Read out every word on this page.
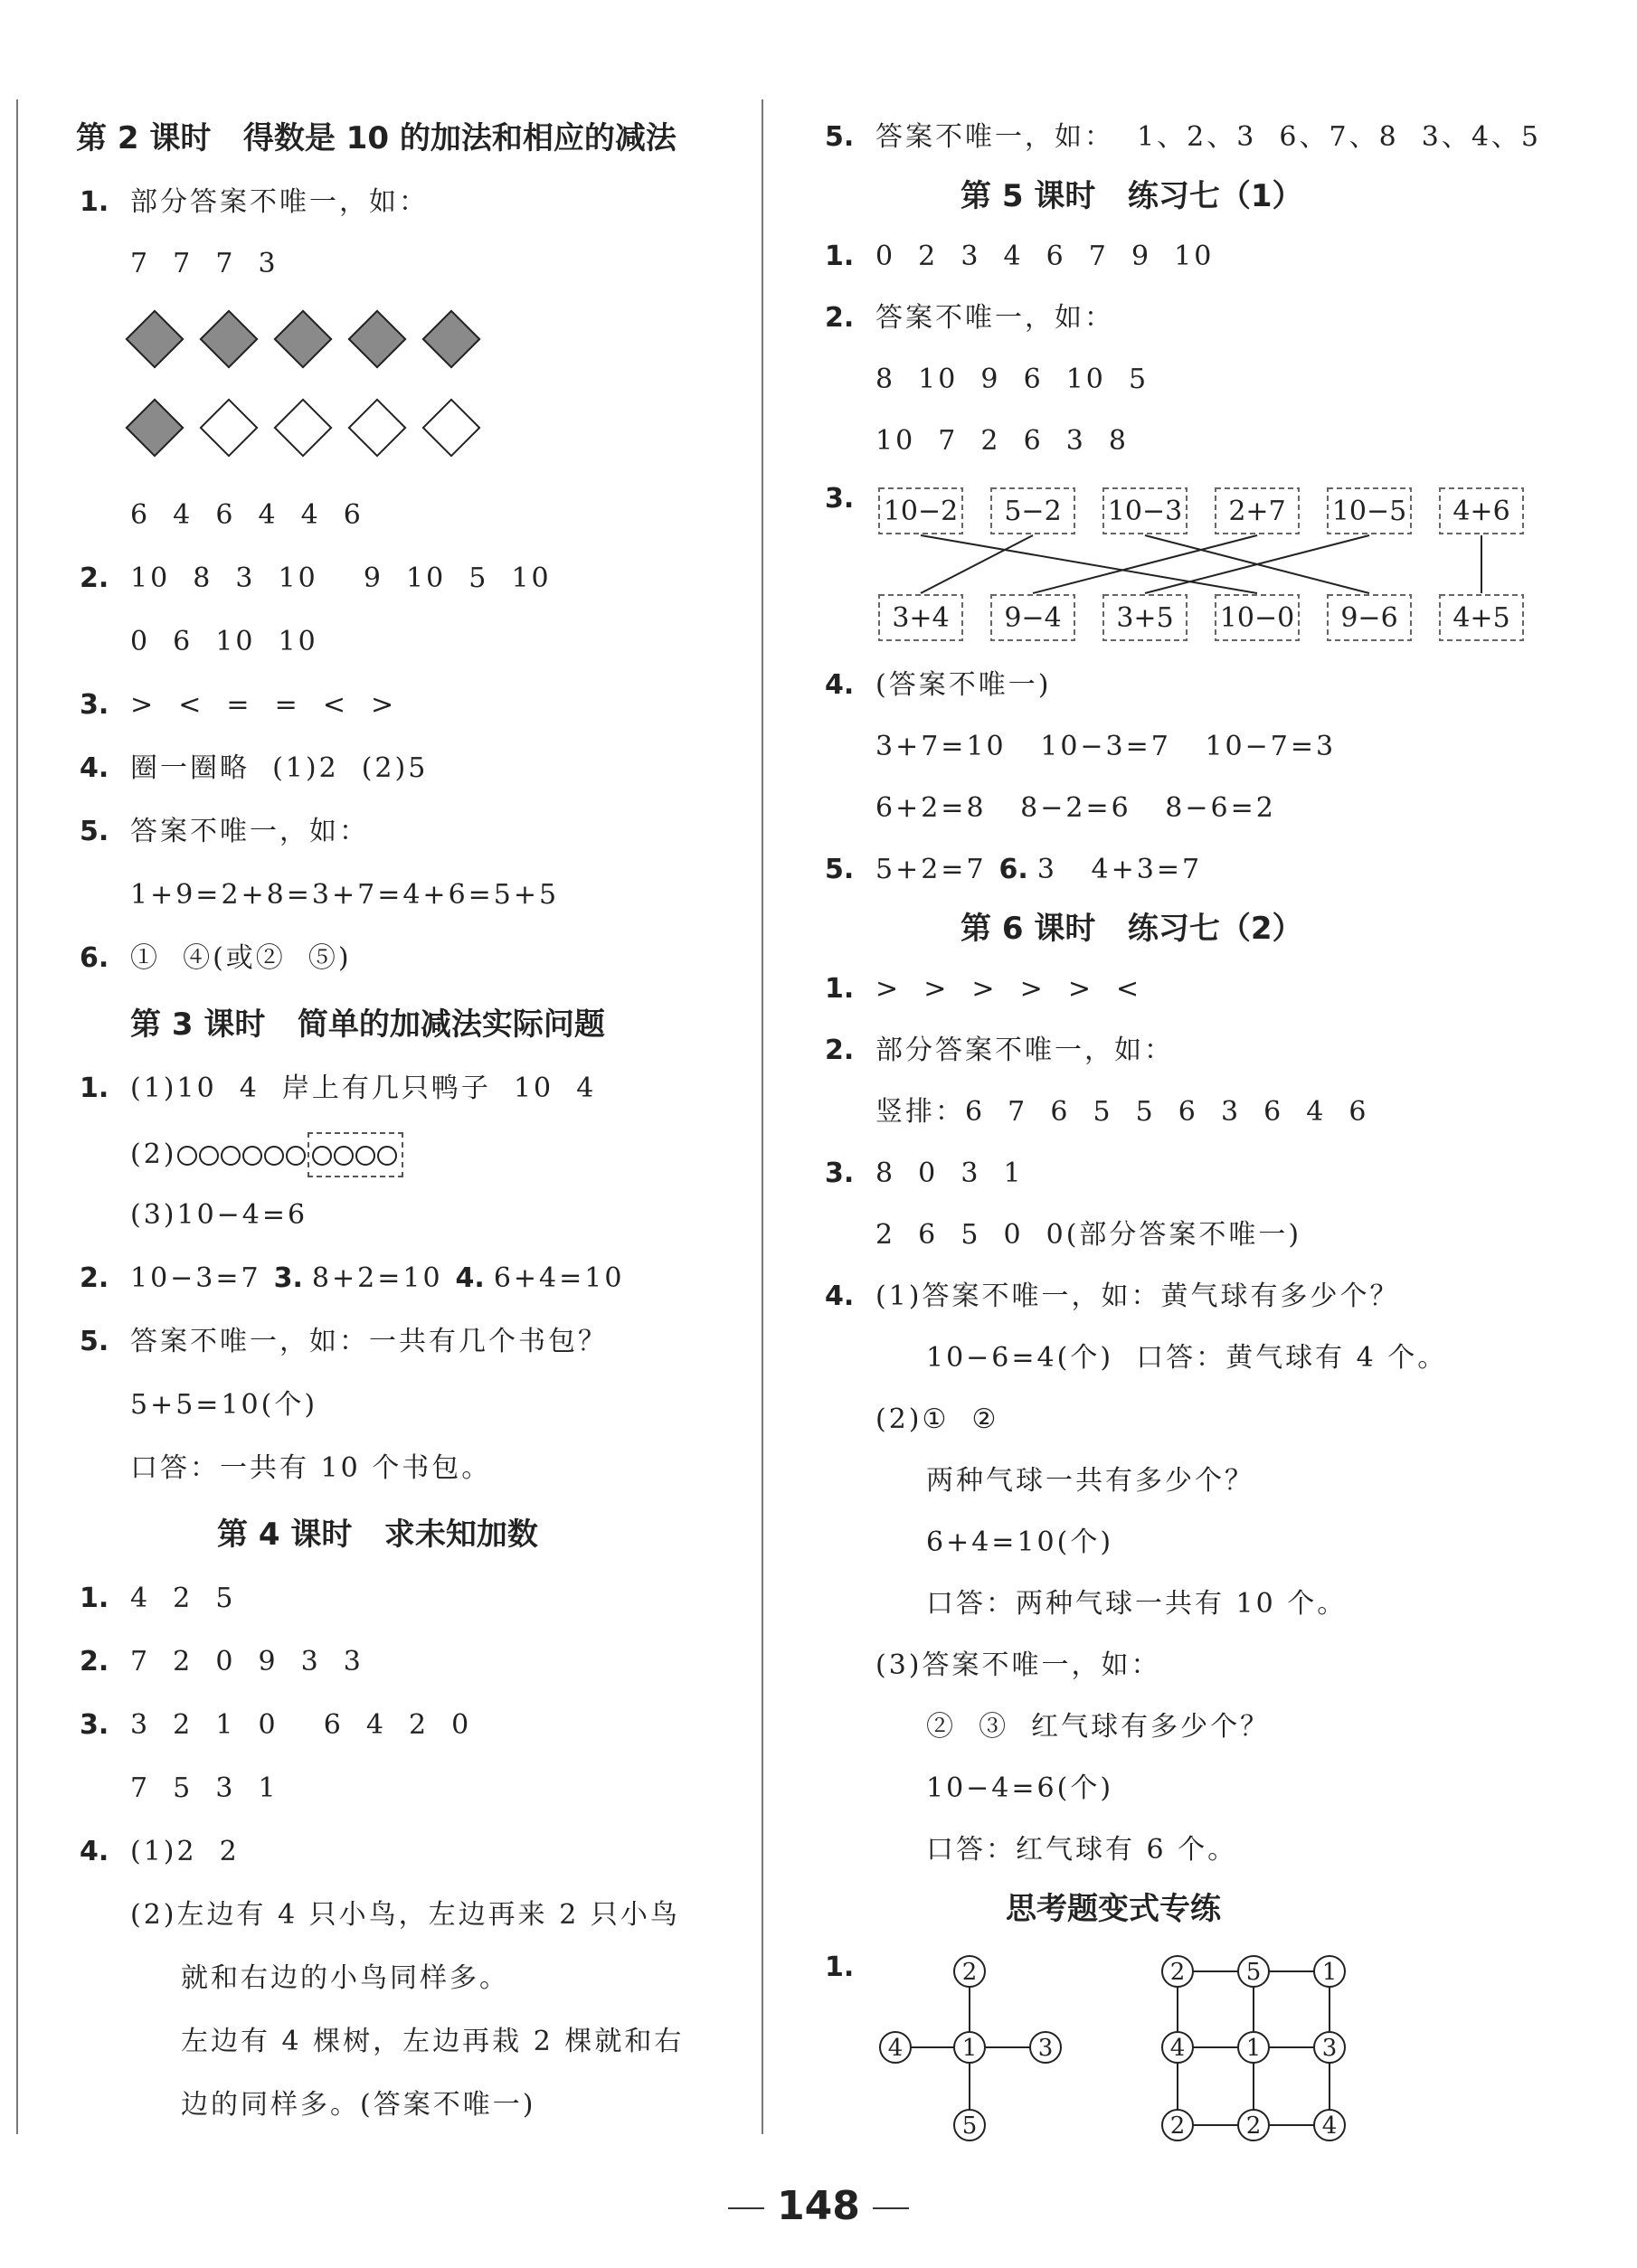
第 2 课时   得数是 10 的加法和相应的减法
1. 部分答案不唯一，如：
7  7  7  3
6  4  6  4  4  6
2. 10  8  3  10    9  10  5  10
0  6  10  10
3. >  <  =  =  <  >
4. 圈一圈略  (1)2  (2)5
5. 答案不唯一，如：
1+9=2+8=3+7=4+6=5+5
6. ①  ④(或②  ⑤)
第 3 课时   简单的加减法实际问题
1. (1)10  4  岸上有几只鸭子  10  4
(2)
(3)10−4=6
2. 10−3=7 3. 8+2=10 4. 6+4=10
5. 答案不唯一，如：一共有几个书包？
5+5=10(个)
口答：一共有 10 个书包。
第 4 课时   求未知加数
1. 4  2  5
2. 7  2  0  9  3  3
3. 3  2  1  0    6  4  2  0
7  5  3  1
4. (1)2  2
(2)左边有 4 只小鸟，左边再来 2 只小鸟
就和右边的小鸟同样多。
左边有 4 棵树，左边再栽 2 棵就和右
边的同样多。(答案不唯一)
5. 答案不唯一，如：  1、2、3  6、7、8  3、4、5
第 5 课时   练习七（1）
1. 0  2  3  4  6  7  9  10
2. 答案不唯一，如：
8  10  9  6  10  5
10  7  2  6  3  8
3.	10−2 5−2 10−3 2+7 10−5 4+6
3+4 9−4 3+5 10−0 9−6 4+5
4. (答案不唯一)
3+7=10   10−3=7   10−7=3
6+2=8   8−2=6   8−6=2
5. 5+2=7 6. 3   4+3=7
第 6 课时   练习七（2）
1. >  >  >  >  >  <
2. 部分答案不唯一，如：
竖排：6  7  6  5  5  6  3  6  4  6
3. 8  0  3  1
2  6  5  0  0(部分答案不唯一)
4. (1)答案不唯一，如：黄气球有多少个？
10−6=4(个)  口答：黄气球有 4 个。
(2)①  ②
两种气球一共有多少个？
6+4=10(个)
口答：两种气球一共有 10 个。
(3)答案不唯一，如：
②  ③  红气球有多少个？
10−4=6(个)
口答：红气球有 6 个。
思考题变式专练
1.	2
4	1	3
5
2	5	1
4	1	3
2	2	4
148
